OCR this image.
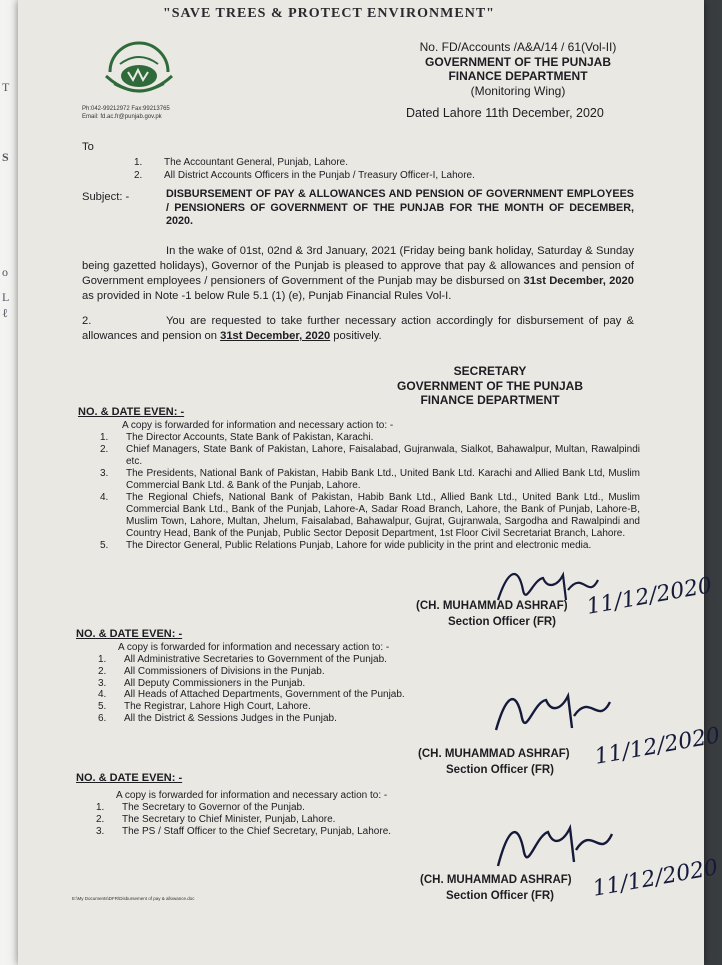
T
S
o
L
ℓ
"SAVE TREES & PROTECT ENVIRONMENT"
Ph:042-99212972 Fax:99213765
Email: fd.ac.fr@punjab.gov.pk
No. FD/Accounts /A&A/14 / 61(Vol-II)
GOVERNMENT OF THE PUNJAB
FINANCE DEPARTMENT
(Monitoring Wing)
Dated Lahore 11th December, 2020
To
1. The Accountant General, Punjab, Lahore.
2. All District Accounts Officers in the Punjab / Treasury Officer-I, Lahore.
Subject: -	DISBURSEMENT OF PAY & ALLOWANCES AND PENSION OF GOVERNMENT EMPLOYEES / PENSIONERS OF GOVERNMENT OF THE PUNJAB FOR THE MONTH OF DECEMBER, 2020.
In the wake of 01st, 02nd & 3rd January, 2021 (Friday being bank holiday, Saturday & Sunday being gazetted holidays), Governor of the Punjab is pleased to approve that pay & allowances and pension of Government employees / pensioners of Government of the Punjab may be disbursed on 31st December, 2020 as provided in Note -1 below Rule 5.1 (1) (e), Punjab Financial Rules Vol-I.
2.	You are requested to take further necessary action accordingly for disbursement of pay & allowances and pension on 31st December, 2020 positively.
SECRETARY
GOVERNMENT OF THE PUNJAB
FINANCE DEPARTMENT
NO. & DATE EVEN: -
A copy is forwarded for information and necessary action to: -
1. The Director Accounts, State Bank of Pakistan, Karachi.
2. Chief Managers, State Bank of Pakistan, Lahore, Faisalabad, Gujranwala, Sialkot, Bahawalpur, Multan, Rawalpindi etc.
3. The Presidents, National Bank of Pakistan, Habib Bank Ltd., United Bank Ltd. Karachi and Allied Bank Ltd, Muslim Commercial Bank Ltd. & Bank of the Punjab, Lahore.
4. The Regional Chiefs, National Bank of Pakistan, Habib Bank Ltd., Allied Bank Ltd., United Bank Ltd., Muslim Commercial Bank Ltd., Bank of the Punjab, Lahore-A, Sadar Road Branch, Lahore, the Bank of Punjab, Lahore-B, Muslim Town, Lahore, Multan, Jhelum, Faisalabad, Bahawalpur, Gujrat, Gujranwala, Sargodha and Rawalpindi and Country Head, Bank of the Punjab, Public Sector Deposit Department, 1st Floor Civil Secretariat Branch, Lahore.
5. The Director General, Public Relations Punjab, Lahore for wide publicity in the print and electronic media.
11/12/2020
(CH. MUHAMMAD ASHRAF)
Section Officer (FR)
NO. & DATE EVEN: -
A copy is forwarded for information and necessary action to: -
1. All Administrative Secretaries to Government of the Punjab.
2. All Commissioners of Divisions in the Punjab.
3. All Deputy Commissioners in the Punjab.
4. All Heads of Attached Departments, Government of the Punjab.
5. The Registrar, Lahore High Court, Lahore.
6. All the District & Sessions Judges in the Punjab.
11/12/2020
(CH. MUHAMMAD ASHRAF)
Section Officer (FR)
NO. & DATE EVEN: -
A copy is forwarded for information and necessary action to: -
1. The Secretary to Governor of the Punjab.
2. The Secretary to Chief Minister, Punjab, Lahore.
3. The PS / Staff Officer to the Chief Secretary, Punjab, Lahore.
11/12/2020
(CH. MUHAMMAD ASHRAF)
Section Officer (FR)
E:\My Documents\DFR\Disbursement of pay & allowance.doc
